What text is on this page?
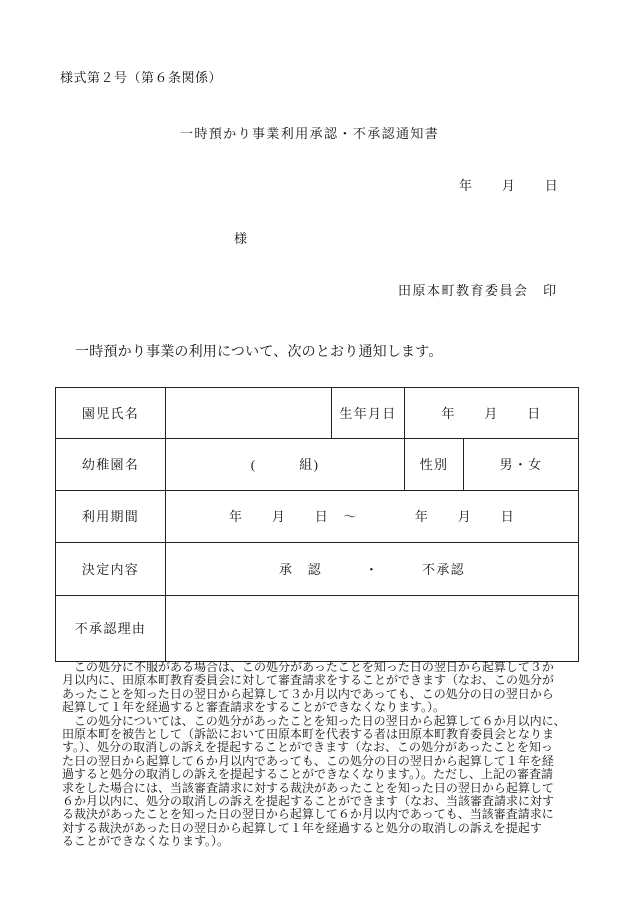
様式第２号（第６条関係）
一時預かり事業利用承認・不承認通知書
年　　月　　日
様
田原本町教育委員会　印
一時預かり事業の利用について、次のとおり通知します。
園児氏名		生年月日	年　　月　　日	
幼稚園名	(　　　組)		性別	男・女
利用期間	年　　月　　日　～　　　　年　　月　　日			
決定内容	承　認　　　・　　　不承認			
不承認理由				
　この処分に不服がある場合は、この処分があったことを知った日の翌日から起算して３か
月以内に、田原本町教育委員会に対して審査請求をすることができます（なお、この処分が
あったことを知った日の翌日から起算して３か月以内であっても、この処分の日の翌日から
起算して１年を経過すると審査請求をすることができなくなります。）。
　この処分については、この処分があったことを知った日の翌日から起算して６か月以内に、
田原本町を被告として（訴訟において田原本町を代表する者は田原本町教育委員会となりま
す。）、処分の取消しの訴えを提起することができます（なお、この処分があったことを知っ
た日の翌日から起算して６か月以内であっても、この処分の日の翌日から起算して１年を経
過すると処分の取消しの訴えを提起することができなくなります。）。ただし、上記の審査請
求をした場合には、当該審査請求に対する裁決があったことを知った日の翌日から起算して
６か月以内に、処分の取消しの訴えを提起することができます（なお、当該審査請求に対す
る裁決があったことを知った日の翌日から起算して６か月以内であっても、当該審査請求に
対する裁決があった日の翌日から起算して１年を経過すると処分の取消しの訴えを提起す
ることができなくなります。）。
